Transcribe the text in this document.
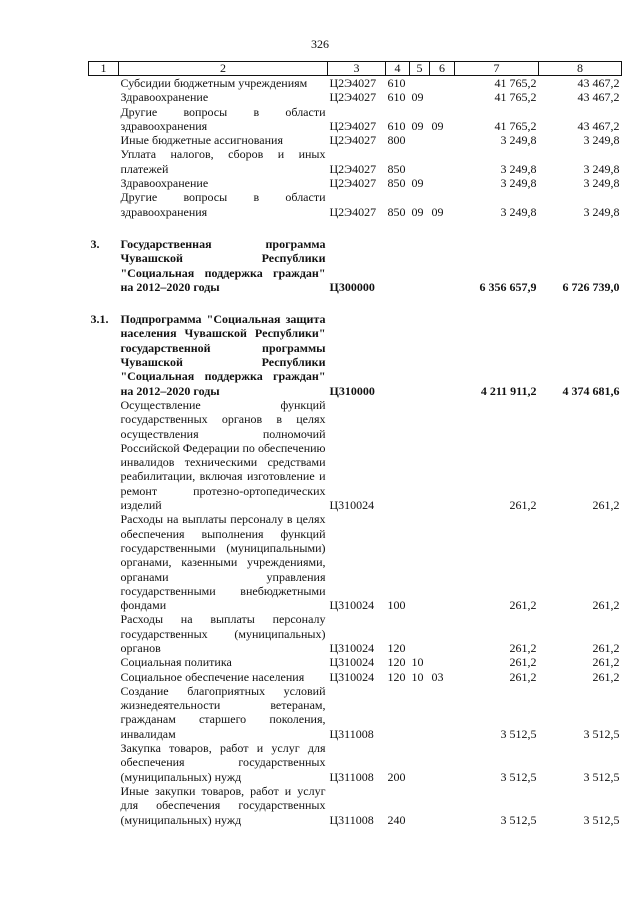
326
1	2	3	4	5	6	7	8
	Субсидии бюджетным учреждениям	Ц2Э4027	610			41 765,2	43 467,2
	Здравоохранение	Ц2Э4027	610	09		41 765,2	43 467,2
	Другие вопросы в области здравоохранения	Ц2Э4027	610	09	09	41 765,2	43 467,2
	Иные бюджетные ассигнования	Ц2Э4027	800			3 249,8	3 249,8
	Уплата налогов, сборов и иных платежей	Ц2Э4027	850			3 249,8	3 249,8
	Здравоохранение	Ц2Э4027	850	09		3 249,8	3 249,8
	Другие вопросы в области здравоохранения	Ц2Э4027	850	09	09	3 249,8	3 249,8

3.	Государственная программа Чувашской Республики "Социальная поддержка граждан" на 2012–2020 годы	Ц300000				6 356 657,9	6 726 739,0

3.1.	Подпрограмма "Социальная защита населения Чувашской Республики" государственной программы Чувашской Республики "Социальная поддержка граждан" на 2012–2020 годы	Ц310000				4 211 911,2	4 374 681,6
	Осуществление функций государственных органов в целях осуществления полномочий Российской Федерации по обеспечению инвалидов техническими средствами реабилитации, включая изготовление и ремонт протезно-ортопедических изделий	Ц310024				261,2	261,2
	Расходы на выплаты персоналу в целях обеспечения выполнения функций государственными (муниципальными) органами, казенными учреждениями, органами управления государственными внебюджетными фондами	Ц310024	100			261,2	261,2
	Расходы на выплаты персоналу государственных (муниципальных) органов	Ц310024	120			261,2	261,2
	Социальная политика	Ц310024	120	10		261,2	261,2
	Социальное обеспечение населения	Ц310024	120	10	03	261,2	261,2
	Создание благоприятных условий жизнедеятельности ветеранам, гражданам старшего поколения, инвалидам	Ц311008				3 512,5	3 512,5
	Закупка товаров, работ и услуг для обеспечения государственных (муниципальных) нужд	Ц311008	200			3 512,5	3 512,5
	Иные закупки товаров, работ и услуг для обеспечения государственных (муниципальных) нужд	Ц311008	240			3 512,5	3 512,5
